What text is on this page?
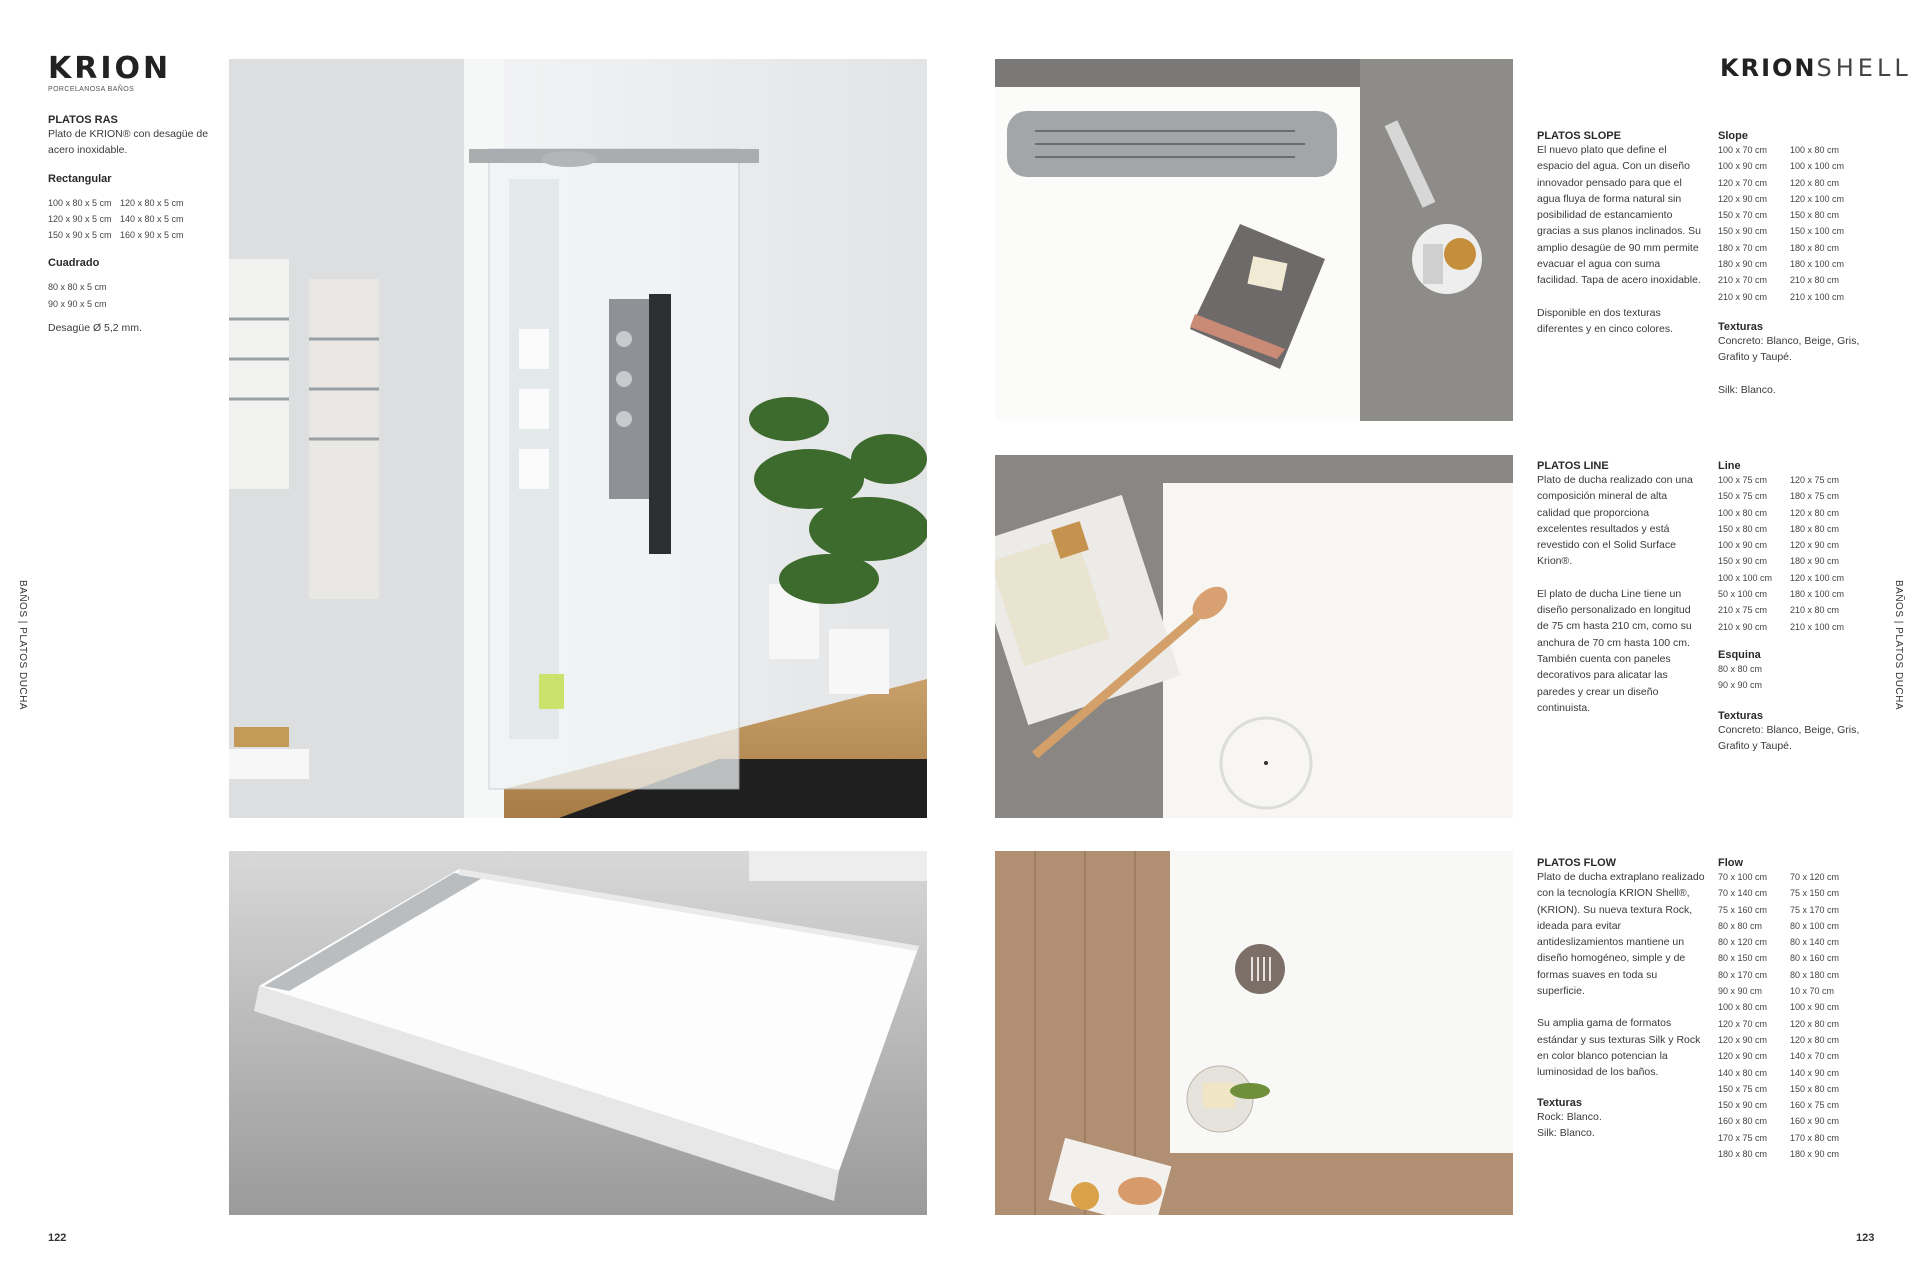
KRION
PORCELANOSA BAÑOS
PLATOS RAS
Plato de KRION® con desagüe de acero inoxidable.
Rectangular
100 x 80 x 5 cm 120 x 80 x 5 cm
120 x 90 x 5 cm 140 x 80 x 5 cm
150 x 90 x 5 cm 160 x 90 x 5 cm
Cuadrado
80 x 80 x 5 cm
90 x 90 x 5 cm
Desagüe Ø 5,2 mm.
BAÑOS | PLATOS DUCHA
122
KRIONSHELL
PLATOS SLOPE
El nuevo plato que define el espacio del agua. Con un diseño innovador pensado para que el agua fluya de forma natural sin posibilidad de estancamiento gracias a sus planos inclinados. Su amplio desagüe de 90 mm permite evacuar el agua con suma facilidad. Tapa de acero inoxidable.
Disponible en dos texturas diferentes y en cinco colores.
Slope
100 x 70 cm	100 x 80 cm
100 x 90 cm	100 x 100 cm
120 x 70 cm	120 x 80 cm
120 x 90 cm	120 x 100 cm
150 x 70 cm	150 x 80 cm
150 x 90 cm	150 x 100 cm
180 x 70 cm	180 x 80 cm
180 x 90 cm	180 x 100 cm
210 x 70 cm	210 x 80 cm
210 x 90 cm	210 x 100 cm
Texturas
Concreto: Blanco, Beige, Gris, Grafito y Taupé.
Silk: Blanco.
PLATOS LINE
Plato de ducha realizado con una composición mineral de alta calidad que proporciona excelentes resultados y está revestido con el Solid Surface Krion®.
El plato de ducha Line tiene un diseño personalizado en longitud de 75 cm hasta 210 cm, como su anchura de 70 cm hasta 100 cm. También cuenta con paneles decorativos para alicatar las paredes y crear un diseño continuista.
Line
100 x 75 cm	120 x 75 cm
150 x 75 cm	180 x 75 cm
100 x 80 cm	120 x 80 cm
150 x 80 cm	180 x 80 cm
100 x 90 cm	120 x 90 cm
150 x 90 cm	180 x 90 cm
100 x 100 cm	120 x 100 cm
50 x 100 cm	180 x 100 cm
210 x 75 cm	210 x 80 cm
210 x 90 cm	210 x 100 cm
Esquina
80 x 80 cm
90 x 90 cm
Texturas
Concreto: Blanco, Beige, Gris, Grafito y Taupé.
PLATOS FLOW
Plato de ducha extraplano realizado con la tecnología KRION Shell®, (KRION). Su nueva textura Rock, ideada para evitar antideslizamientos mantiene un diseño homogéneo, simple y de formas suaves en toda su superficie.
Su amplia gama de formatos estándar y sus texturas Silk y Rock en color blanco potencian la luminosidad de los baños.
Texturas
Rock: Blanco.
Silk: Blanco.
Flow
70 x 100 cm	70 x 120 cm
70 x 140 cm	75 x 150 cm
75 x 160 cm	75 x 170 cm
80 x 80 cm	80 x 100 cm
80 x 120 cm	80 x 140 cm
80 x 150 cm	80 x 160 cm
80 x 170 cm	80 x 180 cm
90 x 90 cm	10 x 70 cm
100 x 80 cm	100 x 90 cm
120 x 70 cm	120 x 80 cm
120 x 90 cm	120 x 80 cm
120 x 90 cm	140 x 70 cm
140 x 80 cm	140 x 90 cm
150 x 75 cm	150 x 80 cm
150 x 90 cm	160 x 75 cm
160 x 80 cm	160 x 90 cm
170 x 75 cm	170 x 80 cm
180 x 80 cm	180 x 90 cm
BAÑOS | PLATOS DUCHA
123
